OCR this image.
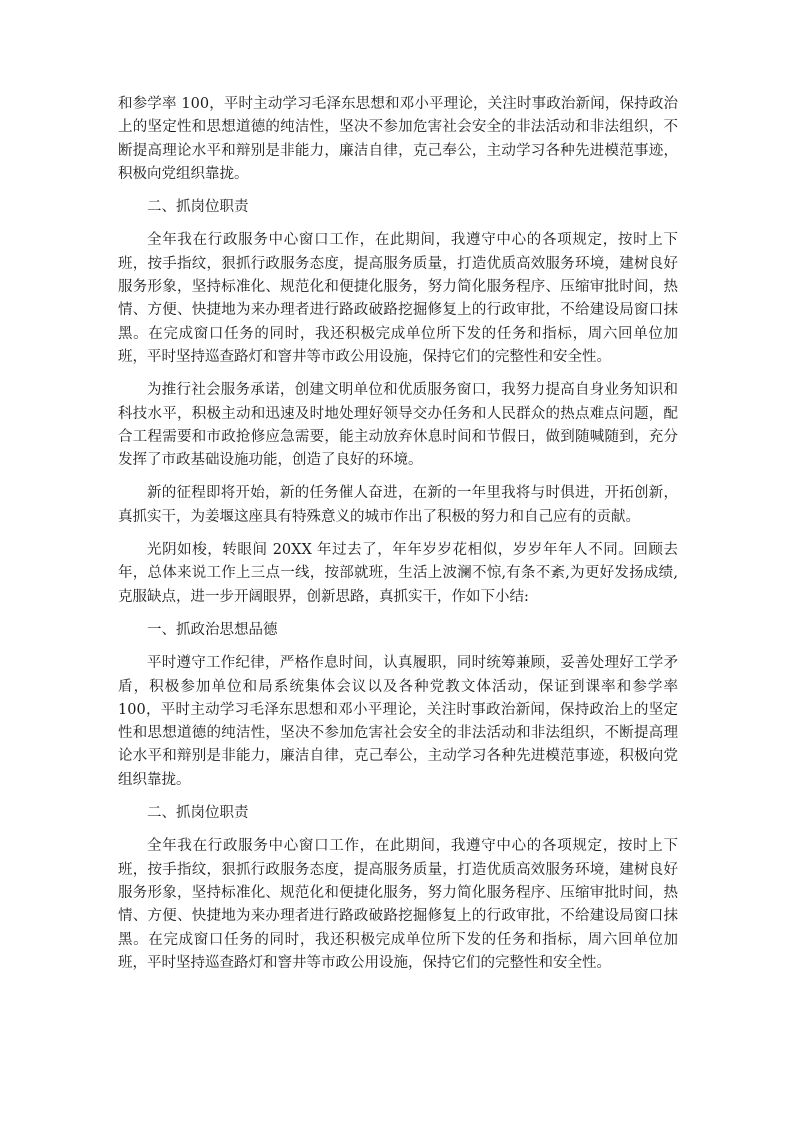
和参学率 100，平时主动学习毛泽东思想和邓小平理论，关注时事政治新闻，保持政治上的坚定性和思想道德的纯洁性，坚决不参加危害社会安全的非法活动和非法组织，不断提高理论水平和辩别是非能力，廉洁自律，克己奉公，主动学习各种先进模范事迹，积极向党组织靠拢。

二、抓岗位职责

全年我在行政服务中心窗口工作，在此期间，我遵守中心的各项规定，按时上下班，按手指纹，狠抓行政服务态度，提高服务质量，打造优质高效服务环境，建树良好服务形象，坚持标准化、规范化和便捷化服务，努力简化服务程序、压缩审批时间，热情、方便、快捷地为来办理者进行路政破路挖掘修复上的行政审批，不给建设局窗口抹黑。在完成窗口任务的同时，我还积极完成单位所下发的任务和指标，周六回单位加班，平时坚持巡查路灯和窨井等市政公用设施，保持它们的完整性和安全性。

为推行社会服务承诺，创建文明单位和优质服务窗口，我努力提高自身业务知识和科技水平，积极主动和迅速及时地处理好领导交办任务和人民群众的热点难点问题，配合工程需要和市政抢修应急需要，能主动放弃休息时间和节假日，做到随喊随到，充分发挥了市政基础设施功能，创造了良好的环境。

新的征程即将开始，新的任务催人奋进，在新的一年里我将与时俱进，开拓创新，真抓实干，为姜堰这座具有特殊意义的城市作出了积极的努力和自己应有的贡献。

光阴如梭，转眼间 20XX 年过去了，年年岁岁花相似，岁岁年年人不同。回顾去年，总体来说工作上三点一线，按部就班，生活上波澜不惊,有条不紊,为更好发扬成绩,克服缺点，进一步开阔眼界，创新思路，真抓实干，作如下小结:

一、抓政治思想品德

平时遵守工作纪律，严格作息时间，认真履职，同时统筹兼顾，妥善处理好工学矛盾，积极参加单位和局系统集体会议以及各种党教文体活动，保证到课率和参学率 100，平时主动学习毛泽东思想和邓小平理论，关注时事政治新闻，保持政治上的坚定性和思想道德的纯洁性，坚决不参加危害社会安全的非法活动和非法组织，不断提高理论水平和辩别是非能力，廉洁自律，克己奉公，主动学习各种先进模范事迹，积极向党组织靠拢。

二、抓岗位职责

全年我在行政服务中心窗口工作，在此期间，我遵守中心的各项规定，按时上下班，按手指纹，狠抓行政服务态度，提高服务质量，打造优质高效服务环境，建树良好服务形象，坚持标准化、规范化和便捷化服务，努力简化服务程序、压缩审批时间，热情、方便、快捷地为来办理者进行路政破路挖掘修复上的行政审批，不给建设局窗口抹黑。在完成窗口任务的同时，我还积极完成单位所下发的任务和指标，周六回单位加班，平时坚持巡查路灯和窨井等市政公用设施，保持它们的完整性和安全性。
